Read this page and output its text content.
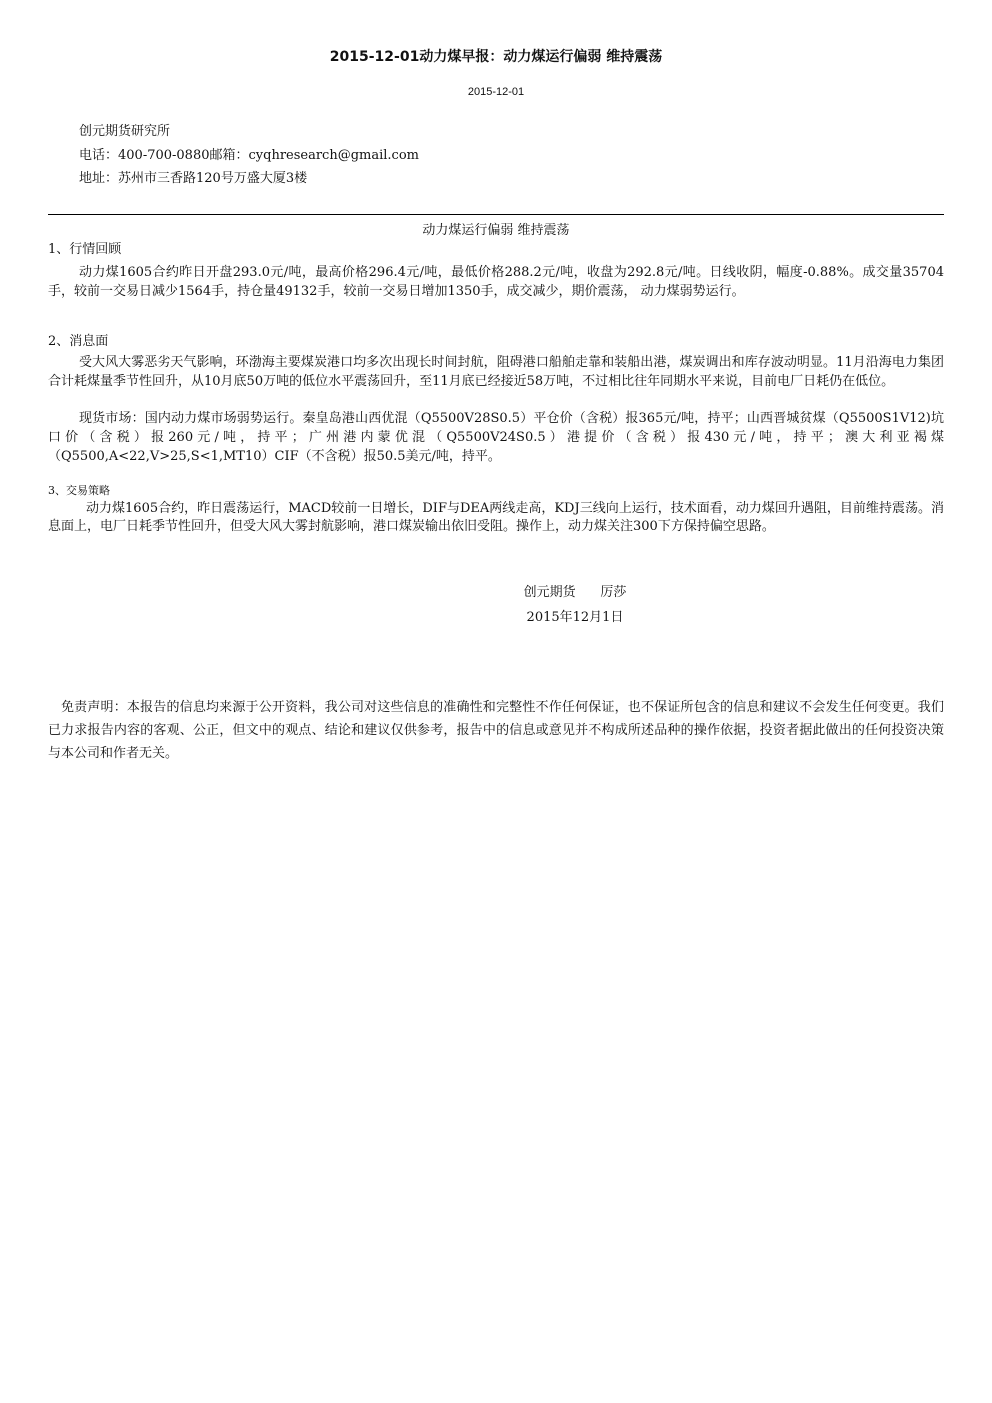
2015-12-01动力煤早报：动力煤运行偏弱 维持震荡
2015-12-01
创元期货研究所
电话：400-700-0880邮箱：cyqhresearch@gmail.com
地址：苏州市三香路120号万盛大厦3楼
动力煤运行偏弱 维持震荡
1、行情回顾

动力煤1605合约昨日开盘293.0元/吨，最高价格296.4元/吨，最低价格288.2元/吨，收盘为292.8元/吨。日线收阴，幅度-0.88%。成交量35704手，较前一交易日减少1564手，持仓量49132手，较前一交易日增加1350手，成交减少，期价震荡， 动力煤弱势运行。

2、消息面

受大风大雾恶劣天气影响，环渤海主要煤炭港口均多次出现长时间封航，阻碍港口船舶走靠和装船出港，煤炭调出和库存波动明显。11月沿海电力集团合计耗煤量季节性回升，从10月底50万吨的低位水平震荡回升，至11月底已经接近58万吨，不过相比往年同期水平来说，目前电厂日耗仍在低位。

现货市场：国内动力煤市场弱势运行。秦皇岛港山西优混（Q5500V28S0.5）平仓价（含税）报365元/吨，持平；山西晋城贫煤（Q5500S1V12)坑口价（含税）报260元/吨，持平；广州港内蒙优混（Q5500V24S0.5）港提价（含税）报430元/吨，持平；澳大利亚褐煤（Q5500,A<22,V>25,S<1,MT10）CIF（不含税）报50.5美元/吨，持平。

3、交易策略

动力煤1605合约，昨日震荡运行，MACD较前一日增长，DIF与DEA两线走高，KDJ三线向上运行，技术面看，动力煤回升遇阻，目前维持震荡。消息面上，电厂日耗季节性回升，但受大风大雾封航影响，港口煤炭输出依旧受阻。操作上，动力煤关注300下方保持偏空思路。

创元期货      厉莎
2015年12月1日

免责声明：本报告的信息均来源于公开资料，我公司对这些信息的准确性和完整性不作任何保证，也不保证所包含的信息和建议不会发生任何变更。我们已力求报告内容的客观、公正，但文中的观点、结论和建议仅供参考，报告中的信息或意见并不构成所述品种的操作依据，投资者据此做出的任何投资决策与本公司和作者无关。
